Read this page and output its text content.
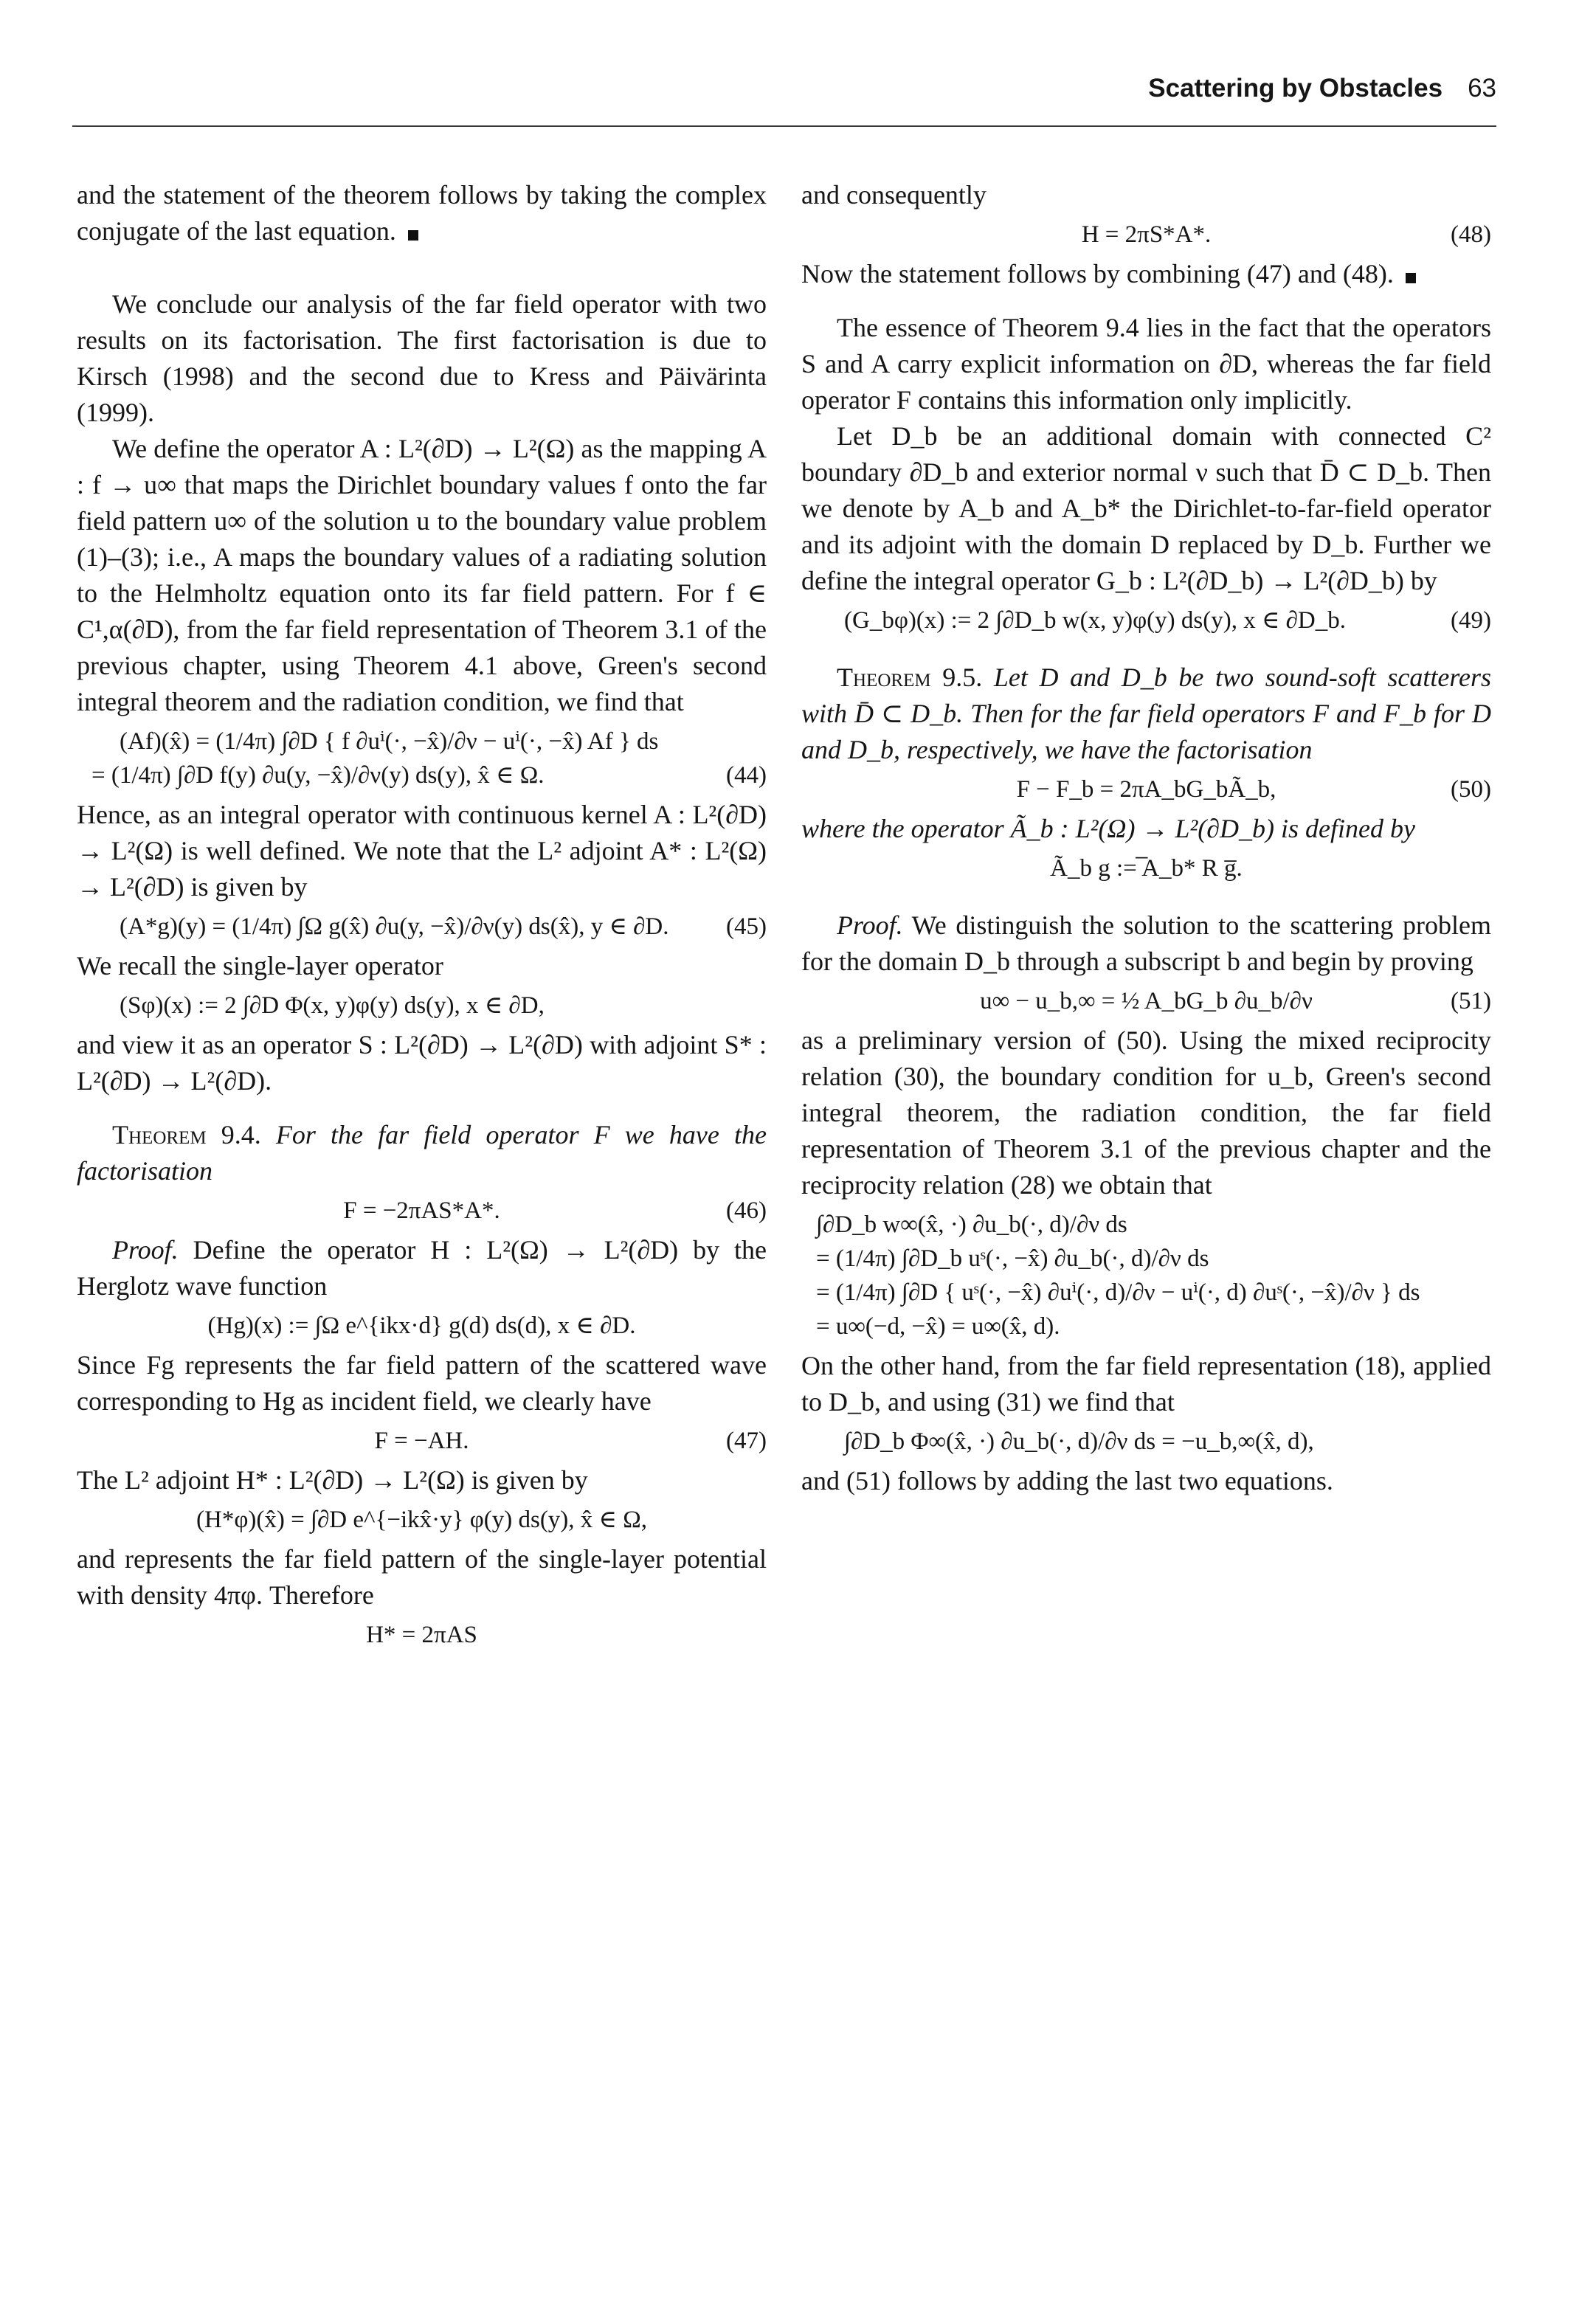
Scattering by Obstacles 63

and the statement of the theorem follows by taking the complex conjugate of the last equation.

We conclude our analysis of the far field operator with two results on its factorisation. The first factorisation is due to Kirsch (1998) and the second due to Kress and Päivärinta (1999).

We define the operator A : L²(∂D) → L²(Ω) as the mapping A : f → u∞ that maps the Dirichlet boundary values f onto the far field pattern u∞ of the solution u to the boundary value problem (1)–(3); i.e., A maps the boundary values of a radiating solution to the Helmholtz equation onto its far field pattern. For f ∈ C¹,α(∂D), from the far field representation of Theorem 3.1 of the previous chapter, using Theorem 4.1 above, Green's second integral theorem and the radiation condition, we find that

(Af)(x̂) = (1/4π) ∫∂D { f ∂uⁱ(·, −x̂)/∂ν − uⁱ(·, −x̂) Af } ds
= (1/4π) ∫∂D f(y) ∂u(y, −x̂)/∂ν(y) ds(y), x̂ ∈ Ω.	(44)

Hence, as an integral operator with continuous kernel A : L²(∂D) → L²(Ω) is well defined. We note that the L² adjoint A* : L²(Ω) → L²(∂D) is given by

(A*g)(y) = (1/4π) ∫Ω g(x̂) ∂u(y, −x̂)/∂ν(y) ds(x̂), y ∈ ∂D.	(45)

We recall the single-layer operator

(Sφ)(x) := 2 ∫∂D Φ(x, y)φ(y) ds(y), x ∈ ∂D,

and view it as an operator S : L²(∂D) → L²(∂D) with adjoint S* : L²(∂D) → L²(∂D).

Theorem 9.4. For the far field operator F we have the factorisation

F = −2πAS*A*.	(46)

Proof. Define the operator H : L²(Ω) → L²(∂D) by the Herglotz wave function

(Hg)(x) := ∫Ω e^{ikx·d} g(d) ds(d), x ∈ ∂D.

Since Fg represents the far field pattern of the scattered wave corresponding to Hg as incident field, we clearly have

F = −AH.	(47)

The L² adjoint H* : L²(∂D) → L²(Ω) is given by

(H*φ)(x̂) = ∫∂D e^{−ikx̂·y} φ(y) ds(y), x̂ ∈ Ω,

and represents the far field pattern of the single-layer potential with density 4πφ. Therefore

H* = 2πAS

and consequently

H = 2πS*A*.	(48)

Now the statement follows by combining (47) and (48).

The essence of Theorem 9.4 lies in the fact that the operators S and A carry explicit information on ∂D, whereas the far field operator F contains this information only implicitly.

Let D_b be an additional domain with connected C² boundary ∂D_b and exterior normal ν such that D̄ ⊂ D_b. Then we denote by A_b and A_b* the Dirichlet-to-far-field operator and its adjoint with the domain D replaced by D_b. Further we define the integral operator G_b : L²(∂D_b) → L²(∂D_b) by

(G_bφ)(x) := 2 ∫∂D_b w(x, y)φ(y) ds(y), x ∈ ∂D_b.	(49)

Theorem 9.5. Let D and D_b be two sound-soft scatterers with D̄ ⊂ D_b. Then for the far field operators F and F_b for D and D_b, respectively, we have the factorisation

F − F_b = 2πA_bG_bÃ_b,	(50)

where the operator Ã_b : L²(Ω) → L²(∂D_b) is defined by

Ã_b g := ̅A_b* R g̅.

Proof. We distinguish the solution to the scattering problem for the domain D_b through a subscript b and begin by proving

u∞ − u_b,∞ = ½ A_bG_b ∂u_b/∂ν	(51)

as a preliminary version of (50). Using the mixed reciprocity relation (30), the boundary condition for u_b, Green's second integral theorem, the radiation condition, the far field representation of Theorem 3.1 of the previous chapter and the reciprocity relation (28) we obtain that

∫∂D_b w∞(x̂, ·) ∂u_b(·, d)/∂ν ds
= (1/4π) ∫∂D_b uˢ(·, −x̂) ∂u_b(·, d)/∂ν ds
= (1/4π) ∫∂D { uˢ(·, −x̂) ∂uⁱ(·, d)/∂ν − uⁱ(·, d) ∂uˢ(·, −x̂)/∂ν } ds
= u∞(−d, −x̂) = u∞(x̂, d).

On the other hand, from the far field representation (18), applied to D_b, and using (31) we find that

∫∂D_b Φ∞(x̂, ·) ∂u_b(·, d)/∂ν ds = −u_b,∞(x̂, d),

and (51) follows by adding the last two equations.
